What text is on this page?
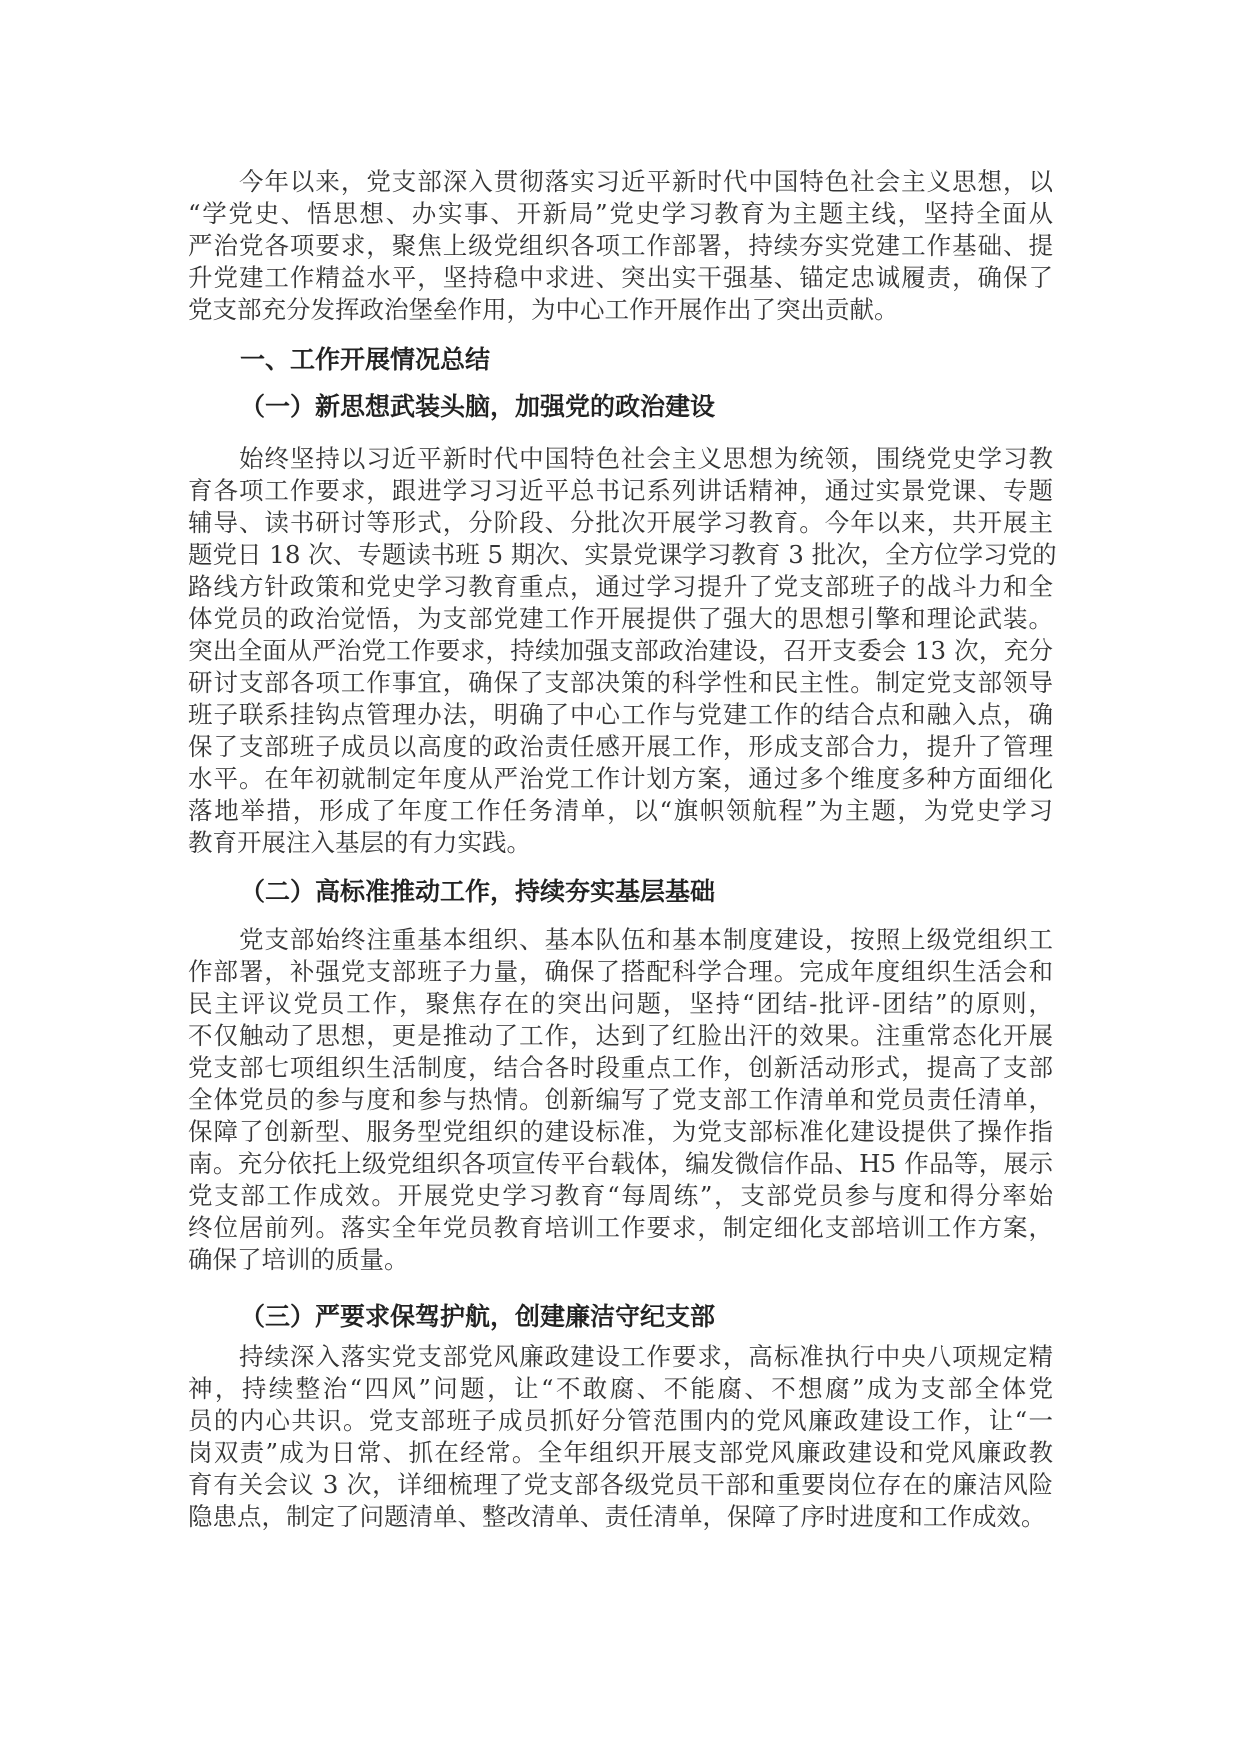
今年以来，党支部深入贯彻落实习近平新时代中国特色社会主义思想，以
“学党史、悟思想、办实事、开新局”党史学习教育为主题主线，坚持全面从
严治党各项要求，聚焦上级党组织各项工作部署，持续夯实党建工作基础、提
升党建工作精益水平，坚持稳中求进、突出实干强基、锚定忠诚履责，确保了
党支部充分发挥政治堡垒作用，为中心工作开展作出了突出贡献。
一、工作开展情况总结
（一）新思想武装头脑，加强党的政治建设
始终坚持以习近平新时代中国特色社会主义思想为统领，围绕党史学习教
育各项工作要求，跟进学习习近平总书记系列讲话精神，通过实景党课、专题
辅导、读书研讨等形式，分阶段、分批次开展学习教育。今年以来，共开展主
题党日 18 次、专题读书班 5 期次、实景党课学习教育 3 批次，全方位学习党的
路线方针政策和党史学习教育重点，通过学习提升了党支部班子的战斗力和全
体党员的政治觉悟，为支部党建工作开展提供了强大的思想引擎和理论武装。
突出全面从严治党工作要求，持续加强支部政治建设，召开支委会 13 次，充分
研讨支部各项工作事宜，确保了支部决策的科学性和民主性。制定党支部领导
班子联系挂钩点管理办法，明确了中心工作与党建工作的结合点和融入点，确
保了支部班子成员以高度的政治责任感开展工作，形成支部合力，提升了管理
水平。在年初就制定年度从严治党工作计划方案，通过多个维度多种方面细化
落地举措，形成了年度工作任务清单，以“旗帜领航程”为主题，为党史学习
教育开展注入基层的有力实践。
（二）高标准推动工作，持续夯实基层基础
党支部始终注重基本组织、基本队伍和基本制度建设，按照上级党组织工
作部署，补强党支部班子力量，确保了搭配科学合理。完成年度组织生活会和
民主评议党员工作，聚焦存在的突出问题，坚持“团结-批评-团结”的原则，
不仅触动了思想，更是推动了工作，达到了红脸出汗的效果。注重常态化开展
党支部七项组织生活制度，结合各时段重点工作，创新活动形式，提高了支部
全体党员的参与度和参与热情。创新编写了党支部工作清单和党员责任清单，
保障了创新型、服务型党组织的建设标准，为党支部标准化建设提供了操作指
南。充分依托上级党组织各项宣传平台载体，编发微信作品、H5 作品等，展示
党支部工作成效。开展党史学习教育“每周练”，支部党员参与度和得分率始
终位居前列。落实全年党员教育培训工作要求，制定细化支部培训工作方案，
确保了培训的质量。
（三）严要求保驾护航，创建廉洁守纪支部
持续深入落实党支部党风廉政建设工作要求，高标准执行中央八项规定精
神，持续整治“四风”问题，让“不敢腐、不能腐、不想腐”成为支部全体党
员的内心共识。党支部班子成员抓好分管范围内的党风廉政建设工作，让“一
岗双责”成为日常、抓在经常。全年组织开展支部党风廉政建设和党风廉政教
育有关会议 3 次，详细梳理了党支部各级党员干部和重要岗位存在的廉洁风险
隐患点，制定了问题清单、整改清单、责任清单，保障了序时进度和工作成效。
